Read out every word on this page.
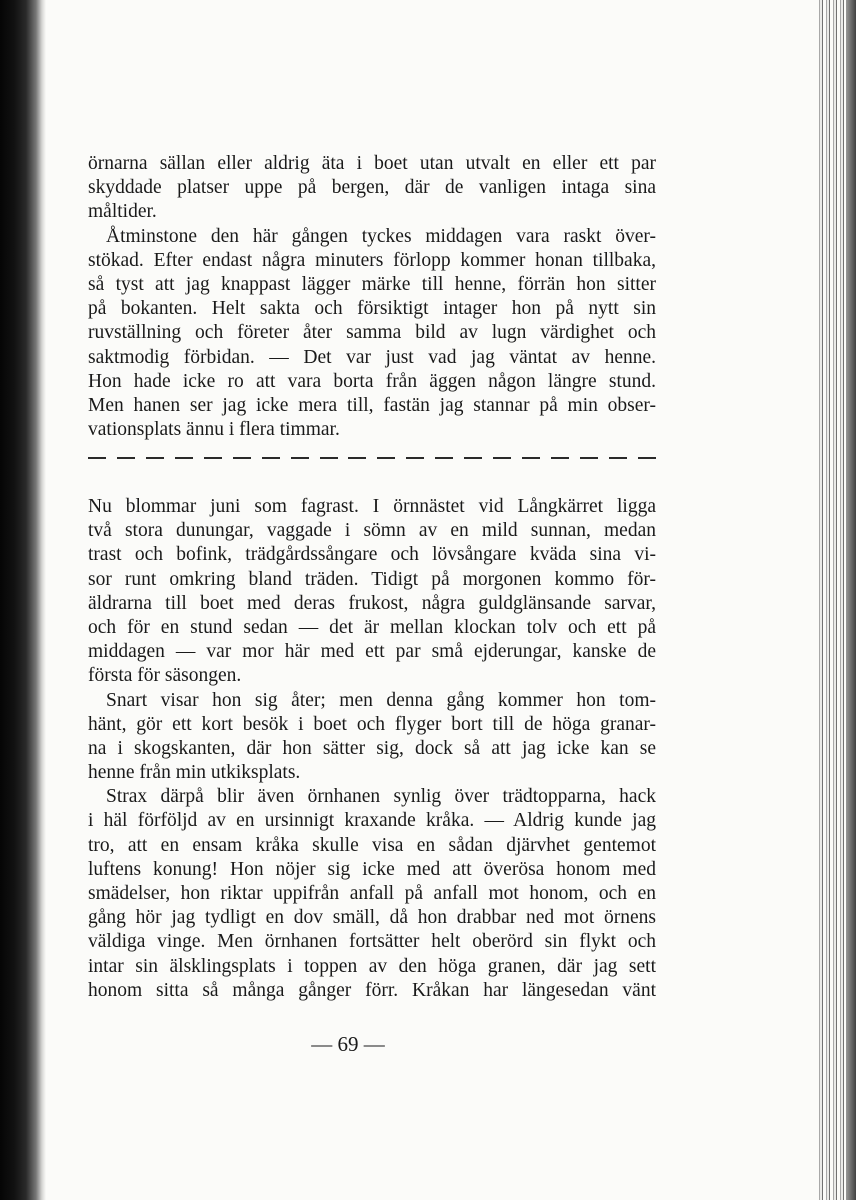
örnarna sällan eller aldrig äta i boet utan utvalt en eller ett par
skyddade platser uppe på bergen, där de vanligen intaga sina
måltider.
Åtminstone den här gången tyckes middagen vara raskt över-
stökad. Efter endast några minuters förlopp kommer honan tillbaka,
så tyst att jag knappast lägger märke till henne, förrän hon sitter
på bokanten. Helt sakta och försiktigt intager hon på nytt sin
ruvställning och företer åter samma bild av lugn värdighet och
saktmodig förbidan. — Det var just vad jag väntat av henne.
Hon hade icke ro att vara borta från äggen någon längre stund.
Men hanen ser jag icke mera till, fastän jag stannar på min obser-
vationsplats ännu i flera timmar.
Nu blommar juni som fagrast. I örnnästet vid Långkärret ligga
två stora dunungar, vaggade i sömn av en mild sunnan, medan
trast och bofink, trädgårdssångare och lövsångare kväda sina vi-
sor runt omkring bland träden. Tidigt på morgonen kommo för-
äldrarna till boet med deras frukost, några guldglänsande sarvar,
och för en stund sedan — det är mellan klockan tolv och ett på
middagen — var mor här med ett par små ejderungar, kanske de
första för säsongen.
Snart visar hon sig åter; men denna gång kommer hon tom-
hänt, gör ett kort besök i boet och flyger bort till de höga granar-
na i skogskanten, där hon sätter sig, dock så att jag icke kan se
henne från min utkiksplats.
Strax därpå blir även örnhanen synlig över trädtopparna, hack
i häl förföljd av en ursinnigt kraxande kråka. — Aldrig kunde jag
tro, att en ensam kråka skulle visa en sådan djärvhet gentemot
luftens konung! Hon nöjer sig icke med att överösa honom med
smädelser, hon riktar uppifrån anfall på anfall mot honom, och en
gång hör jag tydligt en dov smäll, då hon drabbar ned mot örnens
väldiga vinge. Men örnhanen fortsätter helt oberörd sin flykt och
intar sin älsklingsplats i toppen av den höga granen, där jag sett
honom sitta så många gånger förr. Kråkan har längesedan vänt
— 69 —
